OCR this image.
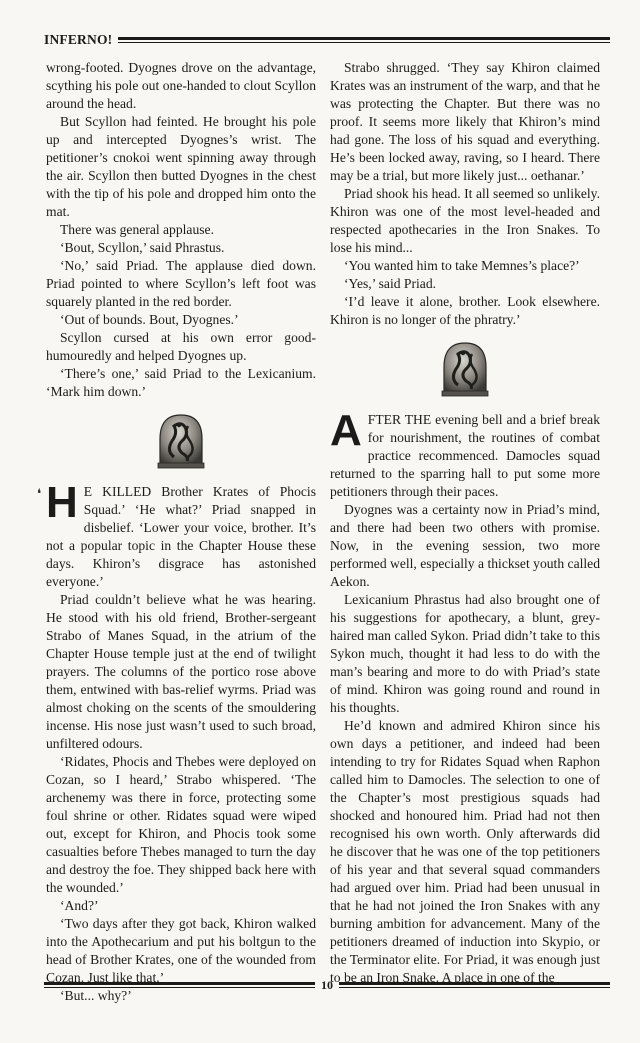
INFERNO!

wrong-footed. Dyognes drove on the advantage, scything his pole out one-handed to clout Scyllon around the head.

But Scyllon had feinted. He brought his pole up and intercepted Dyognes’s wrist. The petitioner’s cnokoi went spinning away through the air. Scyllon then butted Dyognes in the chest with the tip of his pole and dropped him onto the mat.

There was general applause.

‘Bout, Scyllon,’ said Phrastus.

‘No,’ said Priad. The applause died down. Priad pointed to where Scyllon’s left foot was squarely planted in the red border.

‘Out of bounds. Bout, Dyognes.’

Scyllon cursed at his own error good-humouredly and helped Dyognes up.

‘There’s one,’ said Priad to the Lexicanium. ‘Mark him down.’

❛ H E KILLED Brother Krates of Phocis Squad.’ ‘He what?’ Priad snapped in disbelief. ‘Lower your voice, brother. It’s not a popular topic in the Chapter House these days. Khiron’s disgrace has astonished everyone.’

Priad couldn’t believe what he was hearing. He stood with his old friend, Brother-sergeant Strabo of Manes Squad, in the atrium of the Chapter House temple just at the end of twilight prayers. The columns of the portico rose above them, entwined with bas-relief wyrms. Priad was almost choking on the scents of the smouldering incense. His nose just wasn’t used to such broad, unfiltered odours.

‘Ridates, Phocis and Thebes were deployed on Cozan, so I heard,’ Strabo whispered. ‘The archenemy was there in force, protecting some foul shrine or other. Ridates squad were wiped out, except for Khiron, and Phocis took some casualties before Thebes managed to turn the day and destroy the foe. They shipped back here with the wounded.’

‘And?’

‘Two days after they got back, Khiron walked into the Apothecarium and put his boltgun to the head of Brother Krates, one of the wounded from Cozan. Just like that.’

‘But... why?’

Strabo shrugged. ‘They say Khiron claimed Krates was an instrument of the warp, and that he was protecting the Chapter. But there was no proof. It seems more likely that Khiron’s mind had gone. The loss of his squad and everything. He’s been locked away, raving, so I heard. There may be a trial, but more likely just... oethanar.’

Priad shook his head. It all seemed so unlikely. Khiron was one of the most level-headed and respected apothecaries in the Iron Snakes. To lose his mind...

‘You wanted him to take Memnes’s place?’

‘Yes,’ said Priad.

‘I’d leave it alone, brother. Look elsewhere. Khiron is no longer of the phratry.’

A FTER THE evening bell and a brief break for nourishment, the routines of combat practice recommenced. Damocles squad returned to the sparring hall to put some more petitioners through their paces.

Dyognes was a certainty now in Priad’s mind, and there had been two others with promise. Now, in the evening session, two more performed well, especially a thickset youth called Aekon.

Lexicanium Phrastus had also brought one of his suggestions for apothecary, a blunt, grey-haired man called Sykon. Priad didn’t take to this Sykon much, thought it had less to do with the man’s bearing and more to do with Priad’s state of mind. Khiron was going round and round in his thoughts.

He’d known and admired Khiron since his own days a petitioner, and indeed had been intending to try for Ridates Squad when Raphon called him to Damocles. The selection to one of the Chapter’s most prestigious squads had shocked and honoured him. Priad had not then recognised his own worth. Only afterwards did he discover that he was one of the top petitioners of his year and that several squad commanders had argued over him. Priad had been unusual in that he had not joined the Iron Snakes with any burning ambition for advancement. Many of the petitioners dreamed of induction into Skypio, or the Terminator elite. For Priad, it was enough just to be an Iron Snake. A place in one of the

10
